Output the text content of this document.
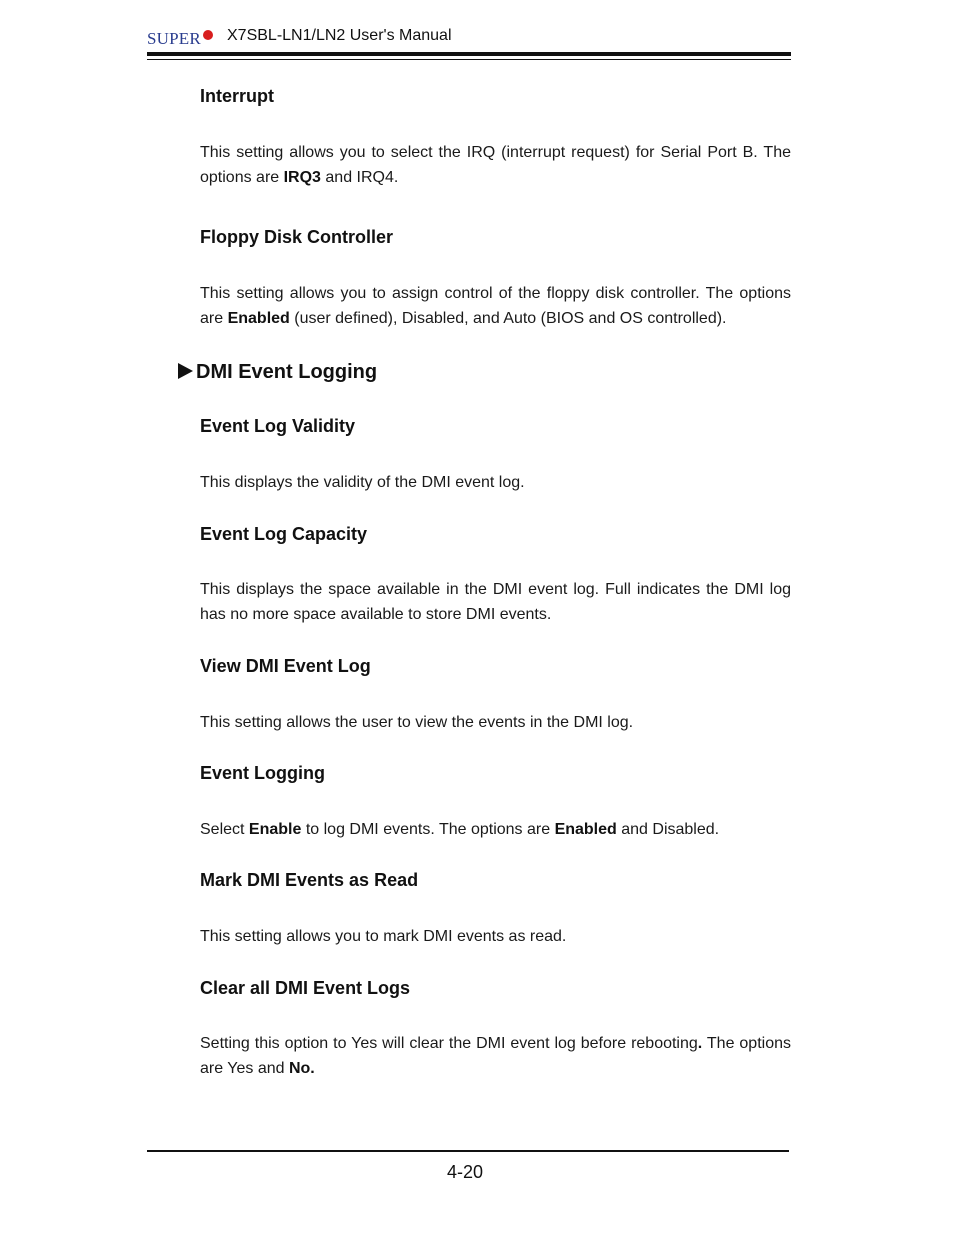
SUPER	X7SBL-LN1/LN2 User's Manual
Interrupt
This setting allows you to select the IRQ (interrupt request) for Serial Port B. The options are IRQ3 and IRQ4.
Floppy Disk Controller
This setting allows you to assign control of the floppy disk controller. The options are Enabled (user defined), Disabled, and Auto (BIOS and OS controlled).
DMI Event Logging
Event Log Validity
This displays the validity of the DMI event log.
Event Log Capacity
This displays the space available in the DMI event log. Full indicates the DMI log has no more space available to store DMI events.
View DMI Event Log
This setting allows the user to view the events in the DMI log.
Event Logging
Select Enable to log DMI events. The options are Enabled and Disabled.
Mark DMI Events as Read
This setting allows you to mark DMI events as read.
Clear all DMI Event Logs
Setting this option to Yes will clear the DMI event log before rebooting. The options are Yes and No.
4-20
